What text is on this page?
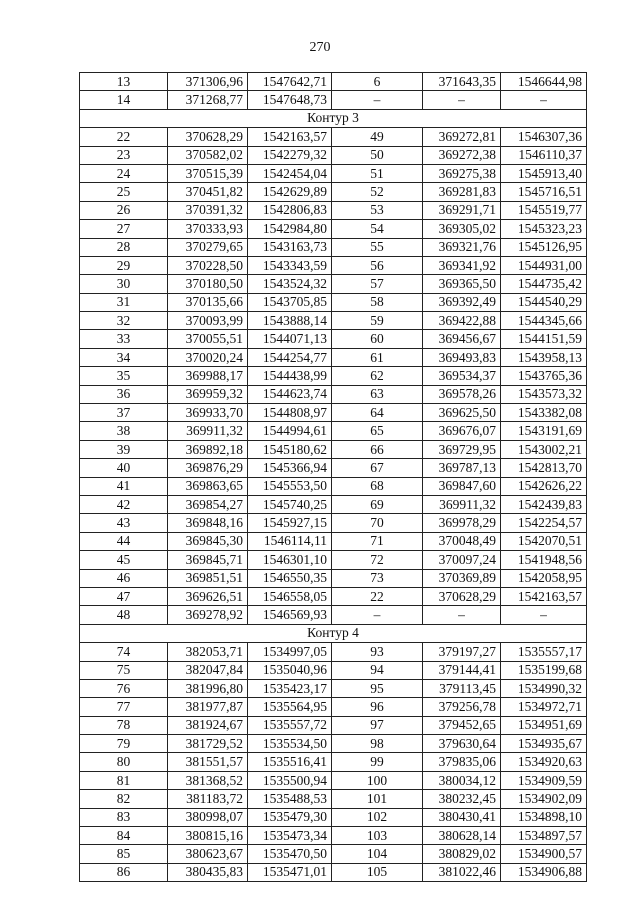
270
13	371306,96	1547642,71	6	371643,35	1546644,98
14	371268,77	1547648,73	–	–	–
Контур 3					
22	370628,29	1542163,57	49	369272,81	1546307,36
23	370582,02	1542279,32	50	369272,38	1546110,37
24	370515,39	1542454,04	51	369275,38	1545913,40
25	370451,82	1542629,89	52	369281,83	1545716,51
26	370391,32	1542806,83	53	369291,71	1545519,77
27	370333,93	1542984,80	54	369305,02	1545323,23
28	370279,65	1543163,73	55	369321,76	1545126,95
29	370228,50	1543343,59	56	369341,92	1544931,00
30	370180,50	1543524,32	57	369365,50	1544735,42
31	370135,66	1543705,85	58	369392,49	1544540,29
32	370093,99	1543888,14	59	369422,88	1544345,66
33	370055,51	1544071,13	60	369456,67	1544151,59
34	370020,24	1544254,77	61	369493,83	1543958,13
35	369988,17	1544438,99	62	369534,37	1543765,36
36	369959,32	1544623,74	63	369578,26	1543573,32
37	369933,70	1544808,97	64	369625,50	1543382,08
38	369911,32	1544994,61	65	369676,07	1543191,69
39	369892,18	1545180,62	66	369729,95	1543002,21
40	369876,29	1545366,94	67	369787,13	1542813,70
41	369863,65	1545553,50	68	369847,60	1542626,22
42	369854,27	1545740,25	69	369911,32	1542439,83
43	369848,16	1545927,15	70	369978,29	1542254,57
44	369845,30	1546114,11	71	370048,49	1542070,51
45	369845,71	1546301,10	72	370097,24	1541948,56
46	369851,51	1546550,35	73	370369,89	1542058,95
47	369626,51	1546558,05	22	370628,29	1542163,57
48	369278,92	1546569,93	–	–	–
Контур 4					
74	382053,71	1534997,05	93	379197,27	1535557,17
75	382047,84	1535040,96	94	379144,41	1535199,68
76	381996,80	1535423,17	95	379113,45	1534990,32
77	381977,87	1535564,95	96	379256,78	1534972,71
78	381924,67	1535557,72	97	379452,65	1534951,69
79	381729,52	1535534,50	98	379630,64	1534935,67
80	381551,57	1535516,41	99	379835,06	1534920,63
81	381368,52	1535500,94	100	380034,12	1534909,59
82	381183,72	1535488,53	101	380232,45	1534902,09
83	380998,07	1535479,30	102	380430,41	1534898,10
84	380815,16	1535473,34	103	380628,14	1534897,57
85	380623,67	1535470,50	104	380829,02	1534900,57
86	380435,83	1535471,01	105	381022,46	1534906,88
